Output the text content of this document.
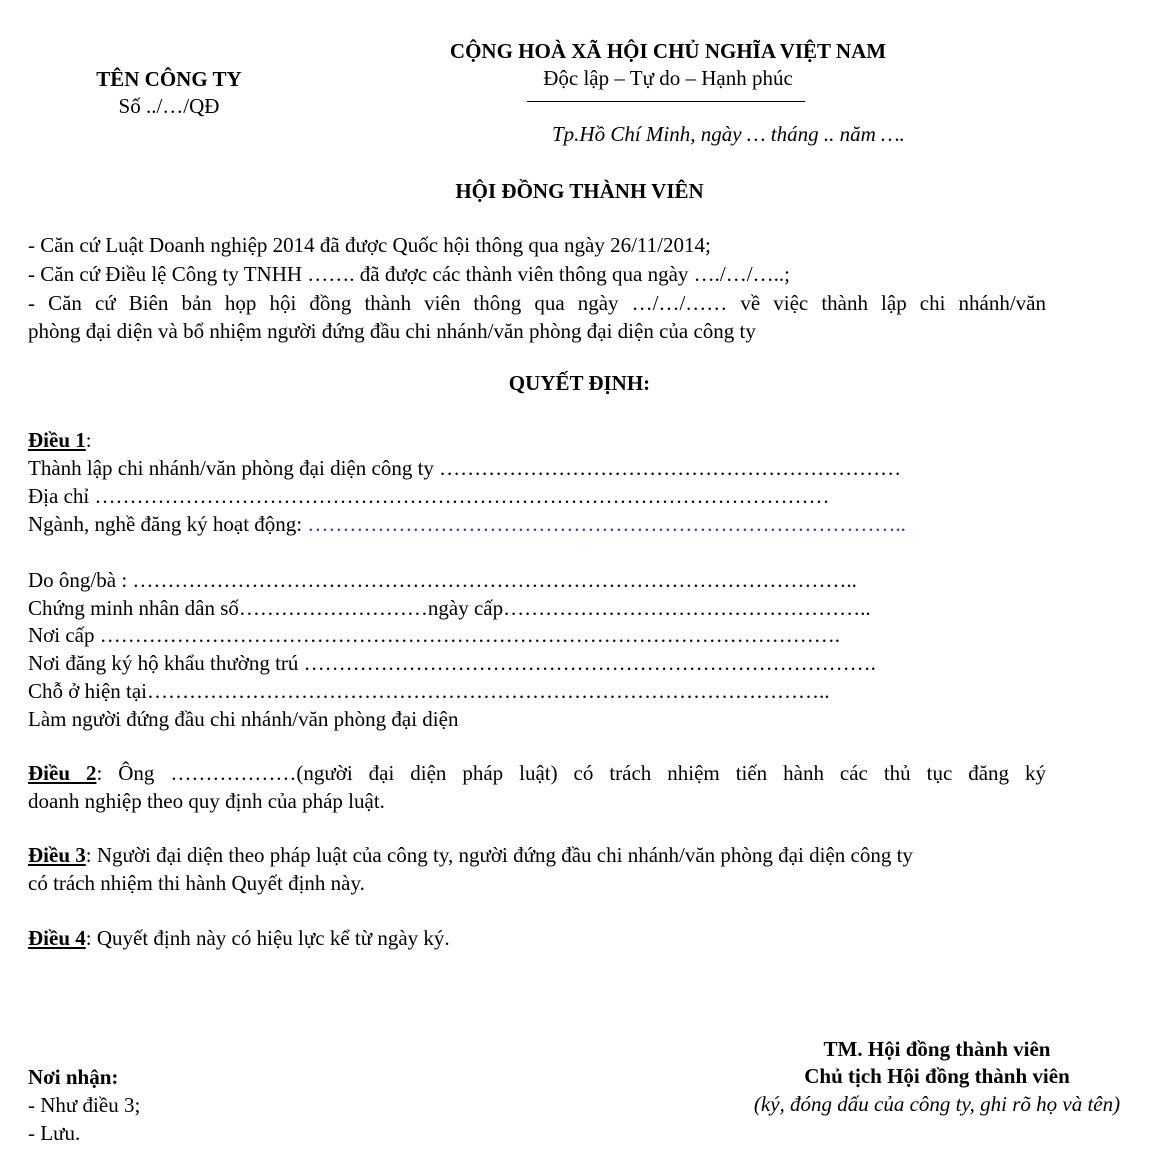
TÊN CÔNG TY
Số ../…/QĐ
CỘNG HOÀ XÃ HỘI CHỦ NGHĨA VIỆT NAM
Độc lập – Tự do – Hạnh phúc
Tp.Hồ Chí Minh, ngày … tháng .. năm ….
HỘI ĐỒNG THÀNH VIÊN
- Căn cứ Luật Doanh nghiệp 2014 đã được Quốc hội thông qua ngày 26/11/2014;
- Căn cứ Điều lệ Công ty TNHH ……. đã được các thành viên thông qua ngày …./…/…..;
- Căn cứ Biên bản họp hội đồng thành viên thông qua ngày …/…/…… về việc thành lập chi nhánh/văn
phòng đại diện và bổ nhiệm người đứng đầu chi nhánh/văn phòng đại diện của công ty
QUYẾT ĐỊNH:
Điều 1:
Thành lập chi nhánh/văn phòng đại diện công ty …………………………………………………………
Địa chỉ ……………………………………………………………………………………………
Ngành, nghề đăng ký hoạt động: …………………………………………………………………………..
Do ông/bà : …………………………………………………………………………………………..
Chứng minh nhân dân số………………………ngày cấp……………………………………………..
Nơi cấp …………………………………………………………………………………………….
Nơi đăng ký hộ khẩu thường trú ……………………………………………………………………….
Chỗ ở hiện tại……………………………………………………………………………………..
Làm người đứng đầu chi nhánh/văn phòng đại diện
Điều 2: Ông ………………(người đại diện pháp luật) có trách nhiệm tiến hành các thủ tục đăng ký
doanh nghiệp theo quy định của pháp luật.
Điều 3: Người đại diện theo pháp luật của công ty, người đứng đầu chi nhánh/văn phòng đại diện công ty
có trách nhiệm thi hành Quyết định này.
Điều 4: Quyết định này có hiệu lực kể từ ngày ký.
Nơi nhận:
- Như điều 3;
- Lưu.
TM. Hội đồng thành viên
Chủ tịch Hội đồng thành viên
(ký, đóng dấu của công ty, ghi rõ họ và tên)
